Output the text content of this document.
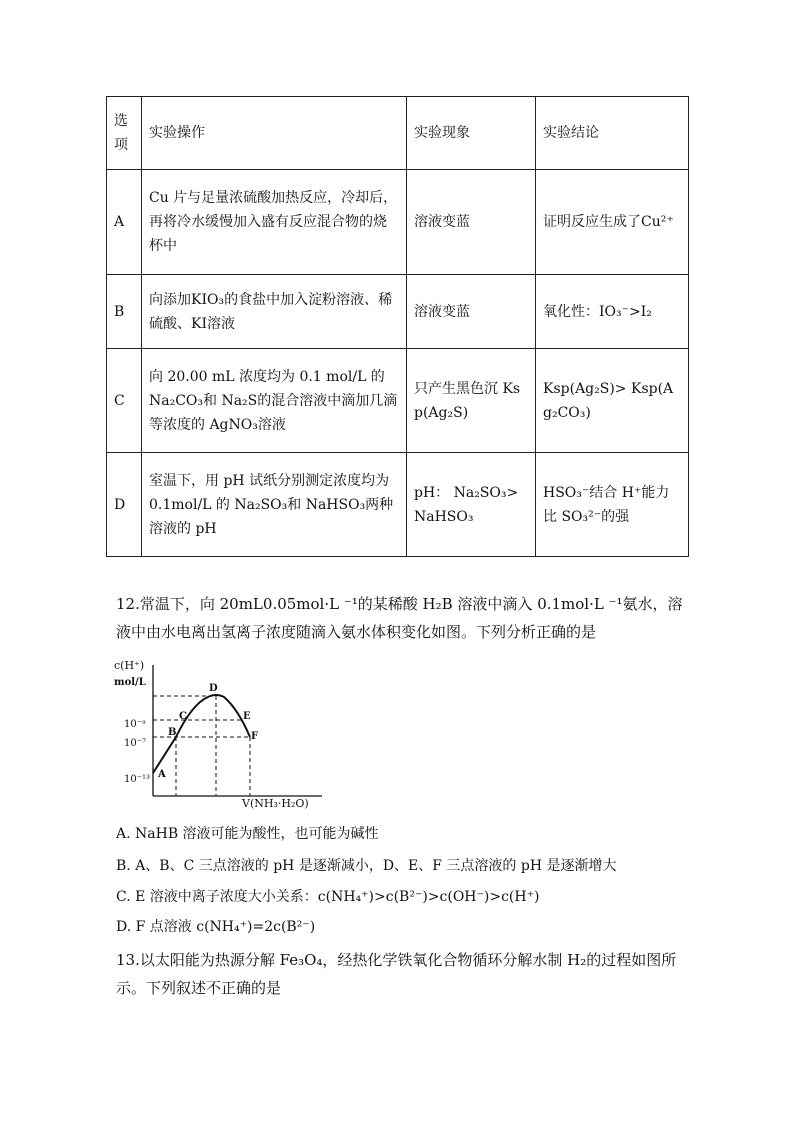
选项	实验操作	实验现象	实验结论
A	Cu 片与足量浓硫酸加热反应，冷却后，再将冷水缓慢加入盛有反应混合物的烧杯中	溶液变蓝	证明反应生成了Cu²⁺
B	向添加KIO₃的食盐中加入淀粉溶液、稀硫酸、KI溶液	溶液变蓝	氧化性：IO₃⁻>I₂
C	向 20.00 mL 浓度均为 0.1 mol/L 的 Na₂CO₃和 Na₂S的混合溶液中滴加几滴等浓度的 AgNO₃溶液	只产生黑色沉 Ksp(Ag₂S)	Ksp(Ag₂S)> Ksp(Ag₂CO₃)
D	室温下，用 pH 试纸分别测定浓度均为 0.1mol/L 的 Na₂SO₃和 NaHSO₃两种溶液的 pH	pH： Na₂SO₃>NaHSO₃	HSO₃⁻结合 H⁺能力比 SO₃²⁻的强
12.常温下，向 20mL0.05mol·L ⁻¹的某稀酸 H₂B 溶液中滴入 0.1mol·L ⁻¹氨水，溶液中由水电离出氢离子浓度随滴入氨水体积变化如图。下列分析正确的是
c(H⁺)
mol/L
V(NH₃·H₂O)
10⁻ᵃ
10⁻⁷
10⁻¹³ A
B
C
D
E
F
A. NaHB 溶液可能为酸性，也可能为碱性
B. A、B、C 三点溶液的 pH 是逐渐减小，D、E、F 三点溶液的 pH 是逐渐增大
C. E 溶液中离子浓度大小关系：c(NH₄⁺)>c(B²⁻)>c(OH⁻)>c(H⁺)
D. F 点溶液 c(NH₄⁺)=2c(B²⁻)
13.以太阳能为热源分解 Fe₃O₄，经热化学铁氧化合物循环分解水制 H₂的过程如图所示。下列叙述不正确的是
